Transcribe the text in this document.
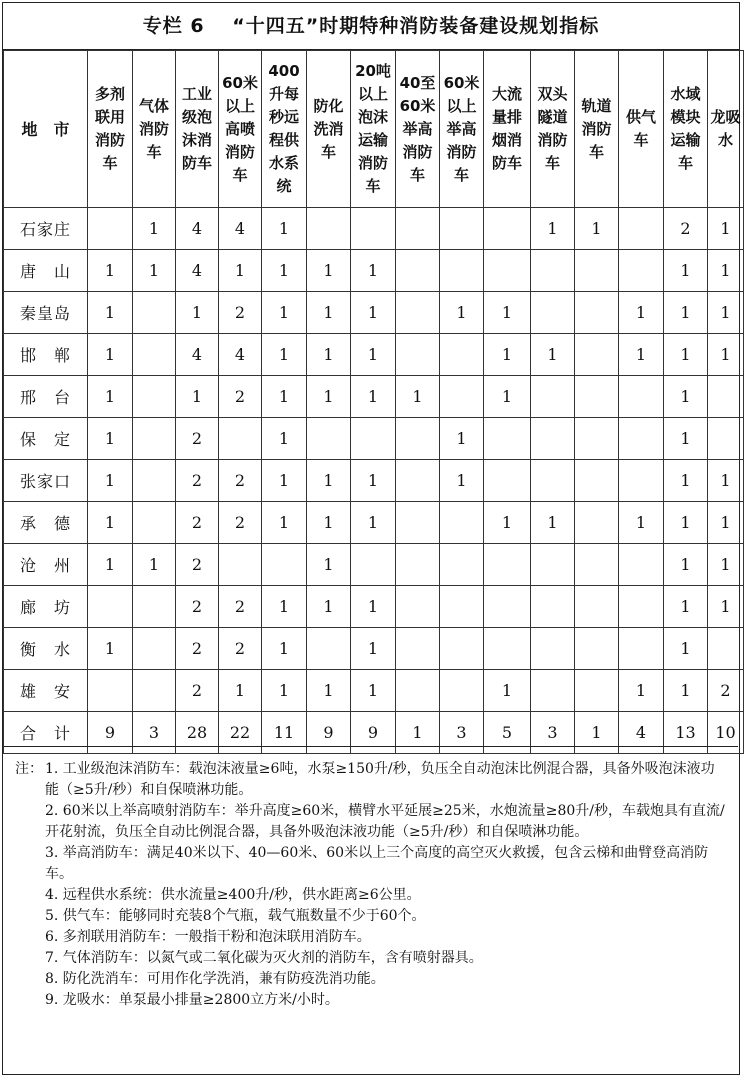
专栏 6　 “十四五”时期特种消防装备建设规划指标
地　市	多剂联用消防车	气体消防车	工业级泡沫消防车	60米以上高喷消防车	400升每秒远程供水系统	防化洗消车	20吨以上泡沫运输消防车	40至60米举高消防车	60米以上举高消防车	大流量排烟消防车	双头隧道消防车	轨道消防车	供气车	水域模块运输车	龙吸水

石家庄		1	4	4	1						1	1		2	1
唐　山	1	1	4	1	1	1	1							1	1
秦皇岛	1		1	2	1	1	1		1	1			1	1	1
邯　郸	1		4	4	1	1	1			1	1		1	1	1
邢　台	1		1	2	1	1	1	1		1				1	
保　定	1		2		1				1					1	
张家口	1		2	2	1	1	1		1					1	1
承　德	1		2	2	1	1	1			1	1		1	1	1
沧　州	1	1	2			1								1	1
廊　坊			2	2	1	1	1							1	1
衡　水	1		2	2	1		1							1	
雄　安			2	1	1	1	1			1			1	1	2
合　计	9	3	28	22	11	9	9	1	3	5	3	1	4	13	10
注： 1. 工业级泡沫消防车：载泡沫液量≥6吨，水泵≥150升/秒，负压全自动泡沫比例混合器，具备外吸泡沫液功能（≥5升/秒）和自保喷淋功能。
2. 60米以上举高喷射消防车：举升高度≥60米，横臂水平延展≥25米，水炮流量≥80升/秒，车载炮具有直流/开花射流，负压全自动比例混合器，具备外吸泡沫液功能（≥5升/秒）和自保喷淋功能。
3. 举高消防车：满足40米以下、40—60米、60米以上三个高度的高空灭火救援，包含云梯和曲臂登高消防车。
4. 远程供水系统：供水流量≥400升/秒，供水距离≥6公里。
5. 供气车：能够同时充装8个气瓶，载气瓶数量不少于60个。
6. 多剂联用消防车：一般指干粉和泡沫联用消防车。
7. 气体消防车：以氮气或二氧化碳为灭火剂的消防车，含有喷射器具。
8. 防化洗消车：可用作化学洗消，兼有防疫洗消功能。
9. 龙吸水：单泵最小排量≥2800立方米/小时。
